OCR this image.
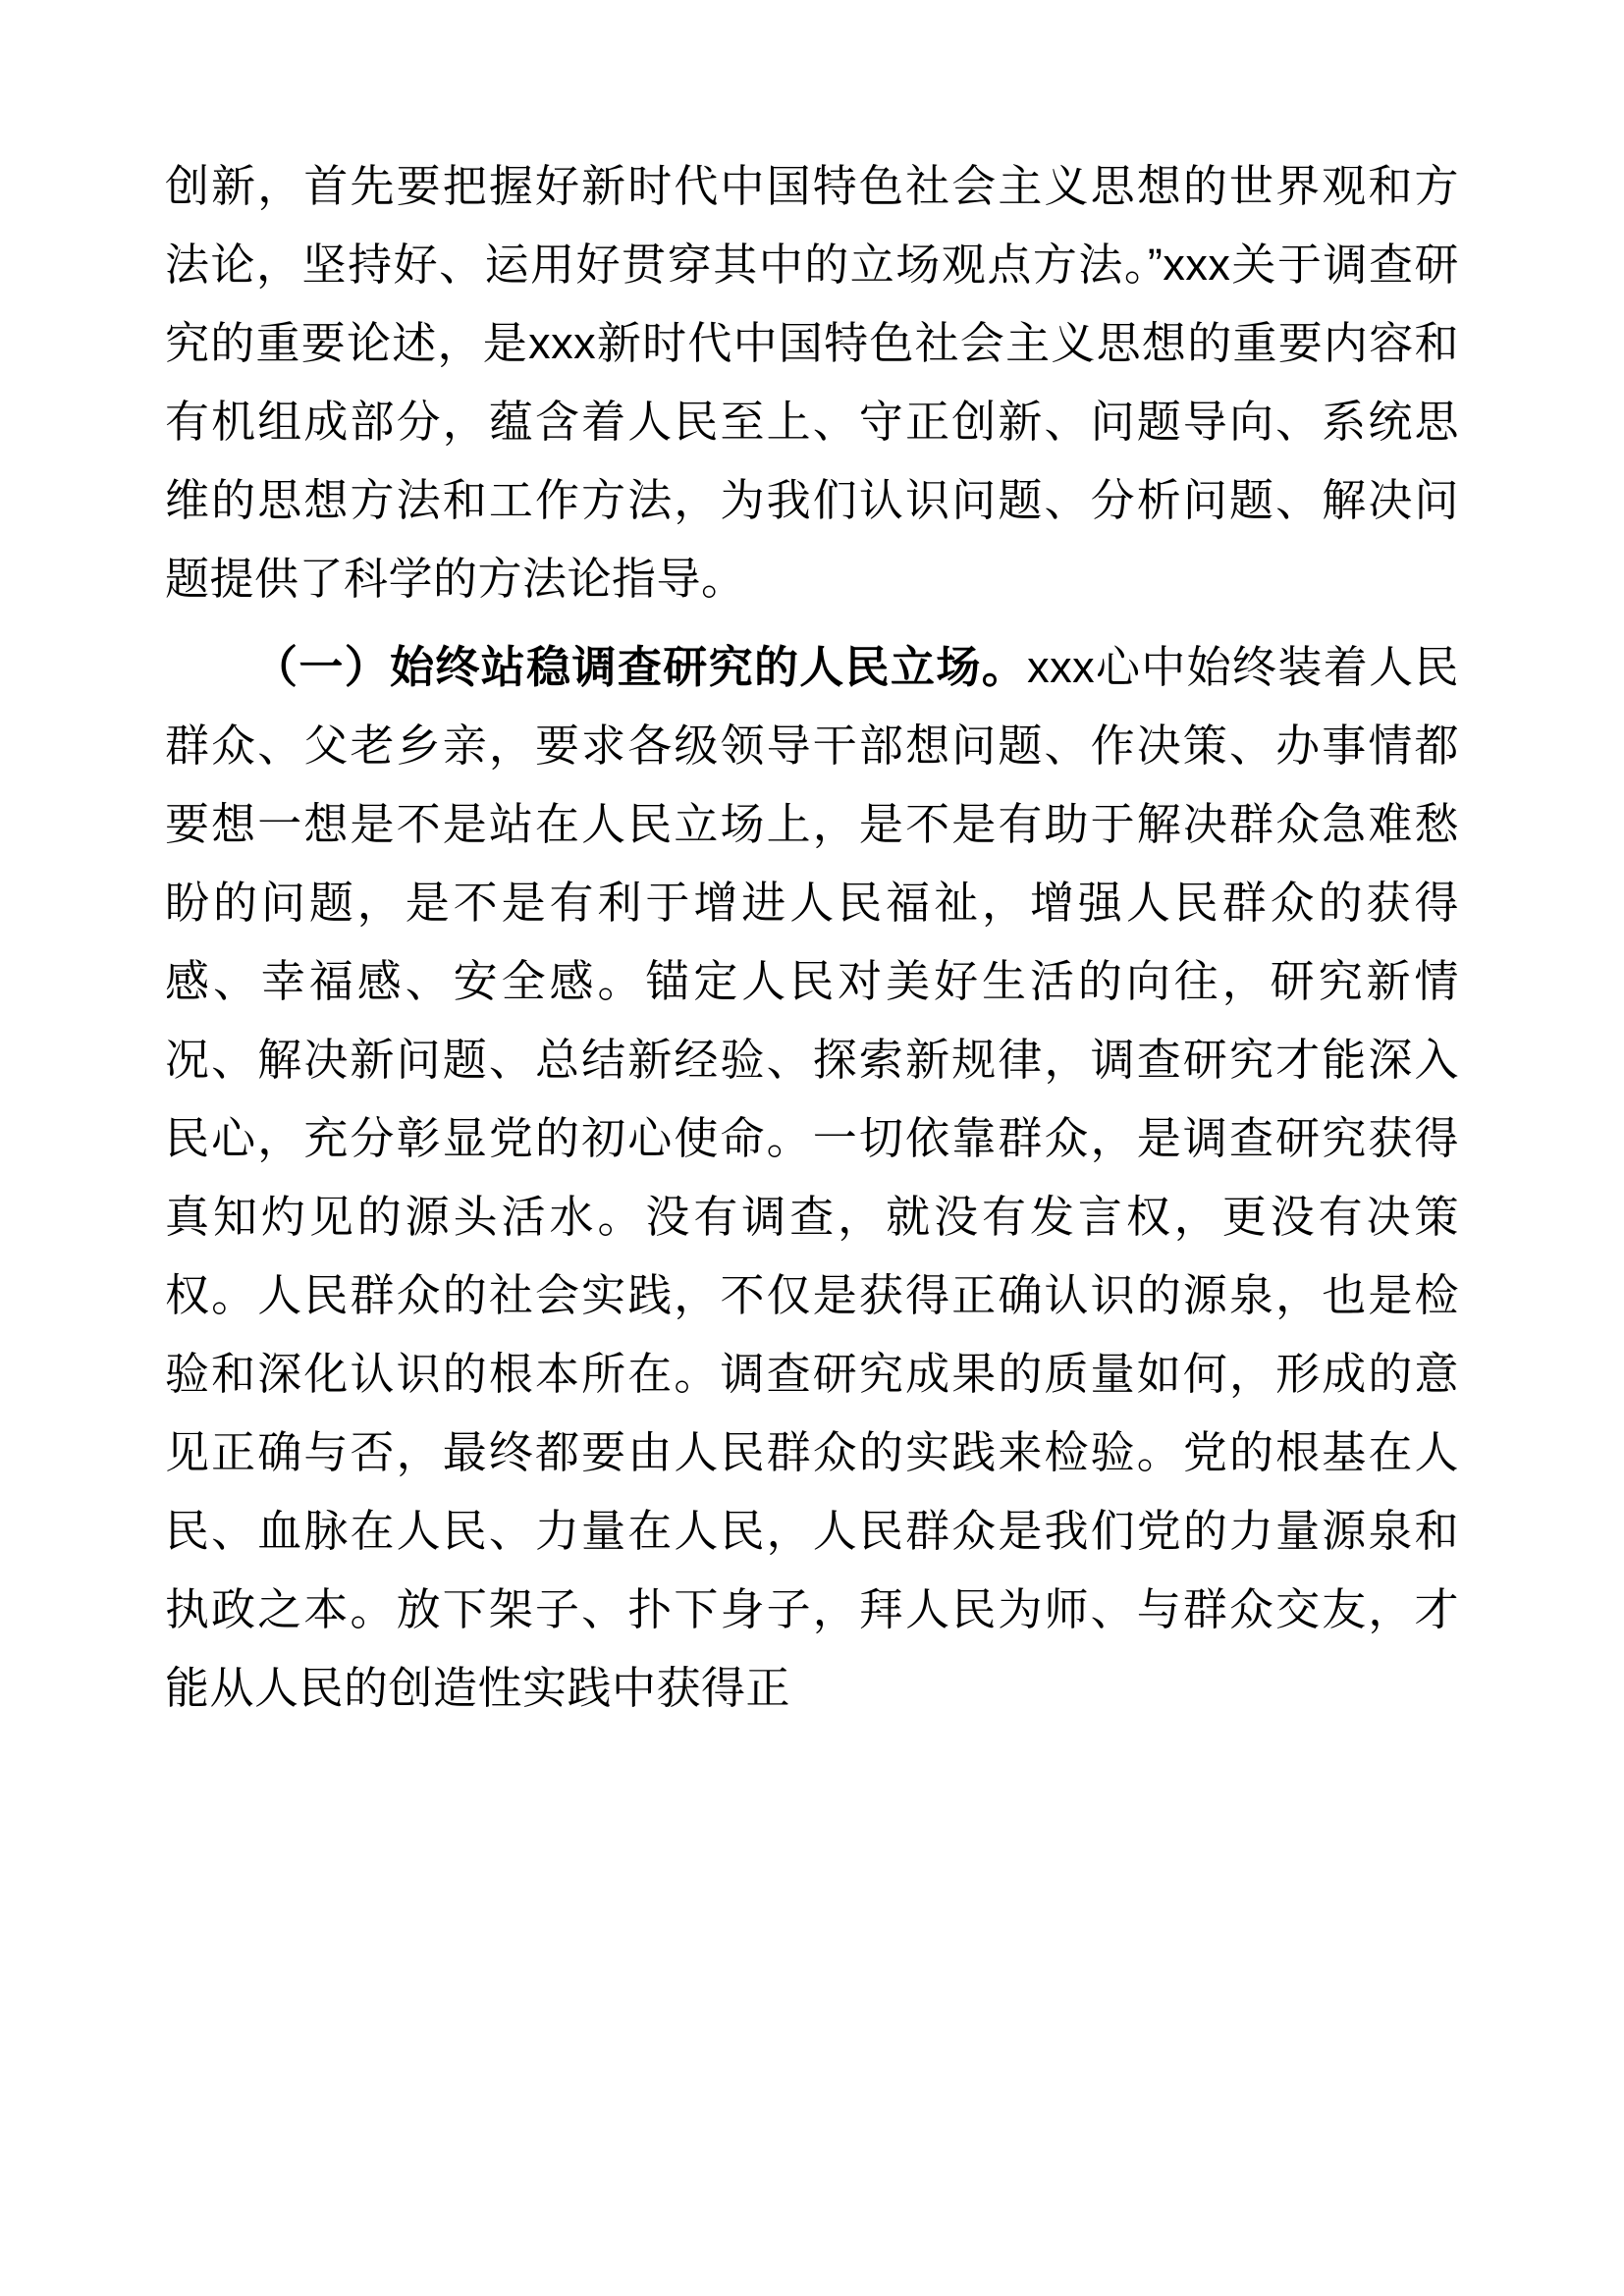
创新，首先要把握好新时代中国特色社会主义思想的世界观和方法论，坚持好、运用好贯穿其中的立场观点方法。”xxx关于调查研究的重要论述，是xxx新时代中国特色社会主义思想的重要内容和有机组成部分，蕴含着人民至上、守正创新、问题导向、系统思维的思想方法和工作方法，为我们认识问题、分析问题、解决问题提供了科学的方法论指导。

（一）始终站稳调查研究的人民立场。xxx心中始终装着人民群众、父老乡亲，要求各级领导干部想问题、作决策、办事情都要想一想是不是站在人民立场上，是不是有助于解决群众急难愁盼的问题，是不是有利于增进人民福祉，增强人民群众的获得感、幸福感、安全感。锚定人民对美好生活的向往，研究新情况、解决新问题、总结新经验、探索新规律，调查研究才能深入民心，充分彰显党的初心使命。一切依靠群众，是调查研究获得真知灼见的源头活水。没有调查，就没有发言权，更没有决策权。人民群众的社会实践，不仅是获得正确认识的源泉，也是检验和深化认识的根本所在。调查研究成果的质量如何，形成的意见正确与否，最终都要由人民群众的实践来检验。党的根基在人民、血脉在人民、力量在人民，人民群众是我们党的力量源泉和执政之本。放下架子、扑下身子，拜人民为师、与群众交友，才能从人民的创造性实践中获得正
